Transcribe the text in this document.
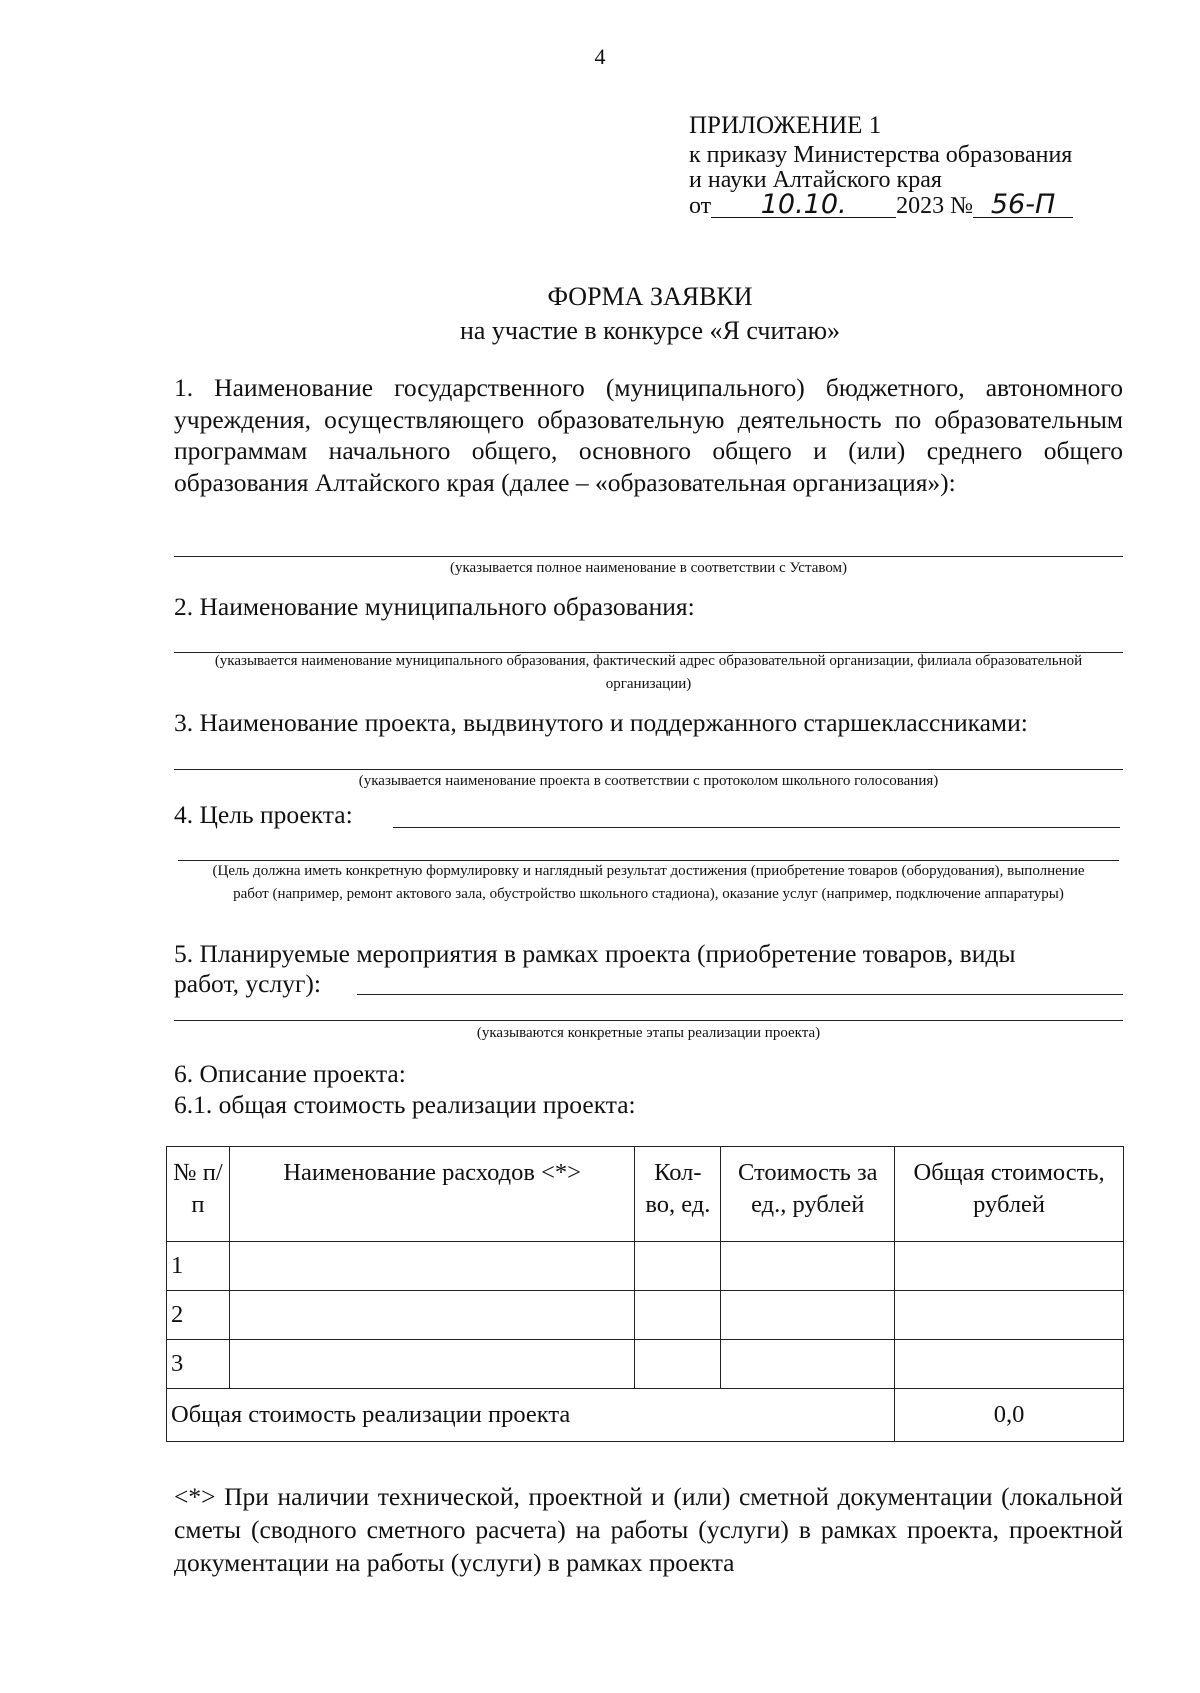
4
ПРИЛОЖЕНИЕ 1
к приказу Министерства образования
и науки Алтайского края
от 10.10. 2023 № 56-П
ФОРМА ЗАЯВКИ
на участие в конкурсе «Я считаю»
1. Наименование государственного (муниципального) бюджетного, автономного учреждения, осуществляющего образовательную деятельность по образовательным программам начального общего, основного общего и (или) среднего общего образования Алтайского края (далее – «образовательная организация»):
(указывается полное наименование в соответствии с Уставом)
2. Наименование муниципального образования:
(указывается наименование муниципального образования, фактический адрес образовательной организации, филиала образовательной организации)
3. Наименование проекта, выдвинутого и поддержанного старшеклассниками:
(указывается наименование проекта в соответствии с протоколом школьного голосования)
4. Цель проекта:
(Цель должна иметь конкретную формулировку и наглядный результат достижения (приобретение товаров (оборудования), выполнение работ (например, ремонт актового зала, обустройство школьного стадиона), оказание услуг (например, подключение аппаратуры)
5. Планируемые мероприятия в рамках проекта (приобретение товаров, виды
работ, услуг):
(указываются конкретные этапы реализации проекта)
6. Описание проекта:
6.1. общая стоимость реализации проекта:
№ п/п	Наименование расходов <*>	Кол-во, ед.	Стоимость за ед., рублей	Общая стоимость, рублей
1				
2				
3				
Общая стоимость реализации проекта				0,0
<*> При наличии технической, проектной и (или) сметной документации (локальной сметы (сводного сметного расчета) на работы (услуги) в рамках проекта, проектной документации на работы (услуги) в рамках проекта
